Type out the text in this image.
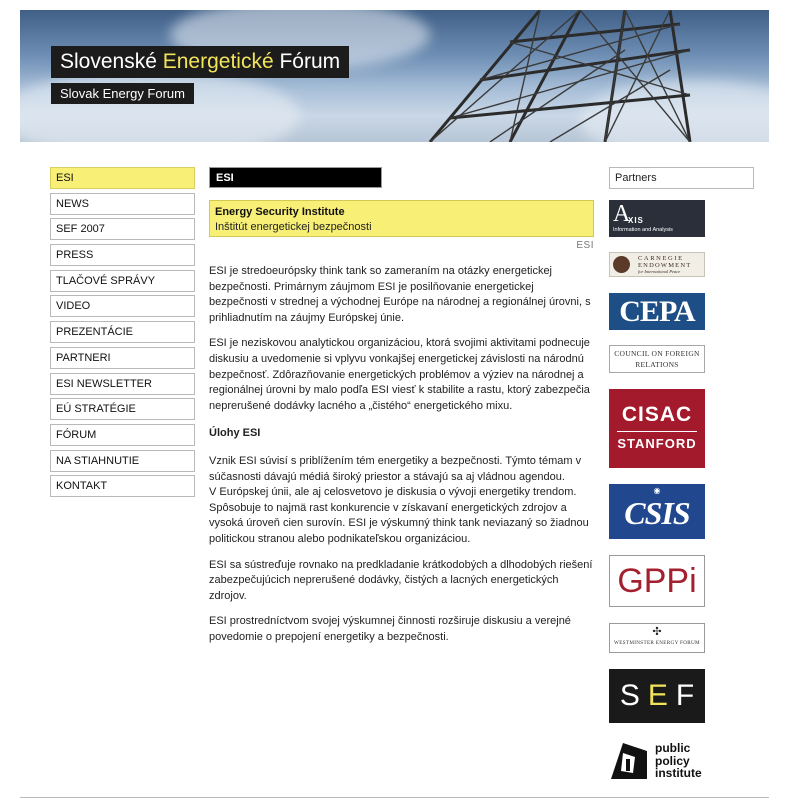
Slovenské Energetické Fórum
Slovak Energy Forum
ESI
NEWS
SEF 2007
PRESS
TLAČOVÉ SPRÁVY
VIDEO
PREZENTÁCIE
PARTNERI
ESI NEWSLETTER
EÚ STRATÉGIE
FÓRUM
NA STIAHNUTIE
KONTAKT
ESI
Energy Security Institute
Inštitút energetickej bezpečnosti
ESI

ESI je stredoeurópsky think tank so zameraním na otázky energetickej bezpečnosti. Primárnym záujmom ESI je posilňovanie energetickej bezpečnosti v strednej a východnej Európe na národnej a regionálnej úrovni, s prihliadnutím na záujmy Európskej únie.

ESI je neziskovou analytickou organizáciou, ktorá svojimi aktivitami podnecuje diskusiu a uvedomenie si vplyvu vonkajšej energetickej závislosti na národnú bezpečnosť. Zdôrazňovanie energetických problémov a výziev na národnej a regionálnej úrovni by malo podľa ESI viesť k stabilite a rastu, ktorý zabezpečia neprerušené dodávky lacného a „čistého“ energetického mixu.

Úlohy ESI

Vznik ESI súvisí s priblížením tém energetiky a bezpečnosti. Týmto témam v súčasnosti dávajú médiá široký priestor a stávajú sa aj vládnou agendou.
V Európskej únii, ale aj celosvetovo je diskusia o vývoji energetiky trendom. Spôsobuje to najmä rast konkurencie v získavaní energetických zdrojov a vysoká úroveň cien surovín. ESI je výskumný think tank neviazaný so žiadnou politickou stranou alebo podnikateľskou organizáciou.

ESI sa sústreďuje rovnako na predkladanie krátkodobých a dlhodobých riešení zabezpečujúcich neprerušené dodávky, čistých a lacných energetických zdrojov.

ESI prostredníctvom svojej výskumnej činnosti rozširuje diskusiu a verejné povedomie o prepojení energetiky a bezpečnosti.

Partners
A
XIS
Information and Analysis
CARNEGIE
ENDOWMENT
for International Peace
CEPA
COUNCIL ON FOREIGN
RELATIONS
CISAC
STANFORD
◉
CSIS
GPPi
✣
WESTMINSTER ENERGY FORUM
SEF
public
policy
institute
